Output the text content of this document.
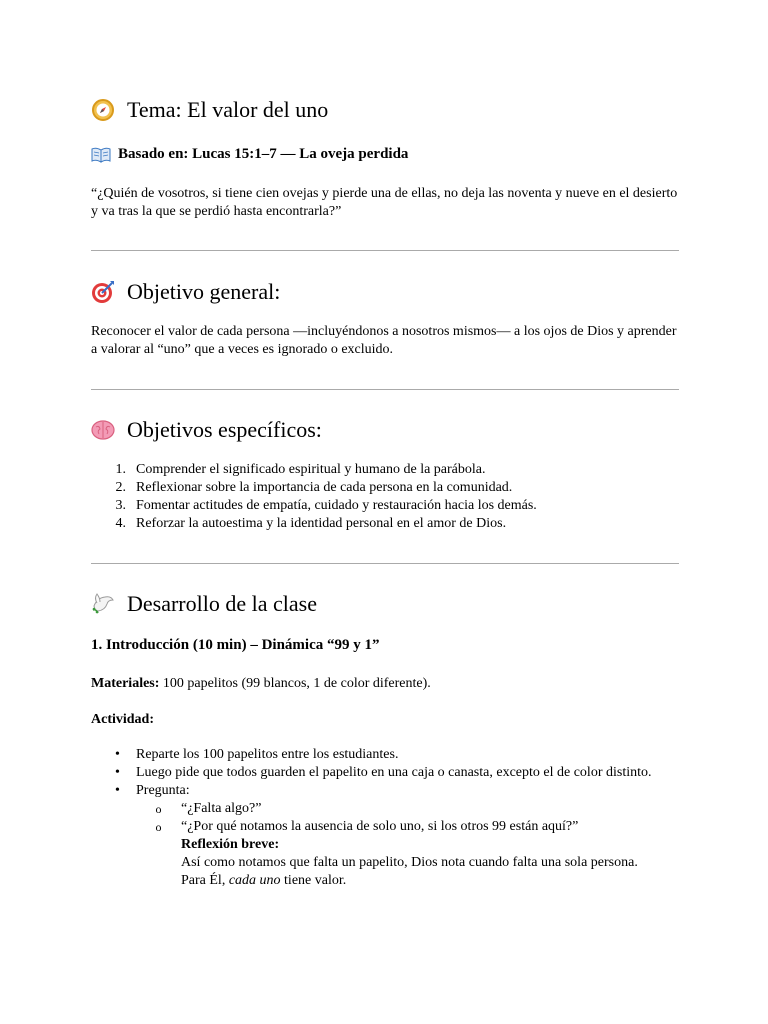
Tema: El valor del uno
Basado en: Lucas 15:1–7 — La oveja perdida

“¿Quién de vosotros, si tiene cien ovejas y pierde una de ellas, no deja las noventa y nueve en el desierto y va tras la que se perdió hasta encontrarla?”

Objetivo general:

Reconocer el valor de cada persona —incluyéndonos a nosotros mismos— a los ojos de Dios y aprender a valorar al “uno” que a veces es ignorado o excluido.

Objetivos específicos:
1. Comprender el significado espiritual y humano de la parábola.
2. Reflexionar sobre la importancia de cada persona en la comunidad.
3. Fomentar actitudes de empatía, cuidado y restauración hacia los demás.
4. Reforzar la autoestima y la identidad personal en el amor de Dios.
Desarrollo de la clase
1. Introducción (10 min) – Dinámica “99 y 1”

Materiales: 100 papelitos (99 blancos, 1 de color diferente).

Actividad:

•	Reparte los 100 papelitos entre los estudiantes.
•	Luego pide que todos guarden el papelito en una caja o canasta, excepto el de color distinto.
•	Pregunta:
o	“¿Falta algo?”
o	“¿Por qué notamos la ausencia de solo uno, si los otros 99 están aquí?”
Reflexión breve:
Así como notamos que falta un papelito, Dios nota cuando falta una sola persona.
Para Él, cada uno tiene valor.
